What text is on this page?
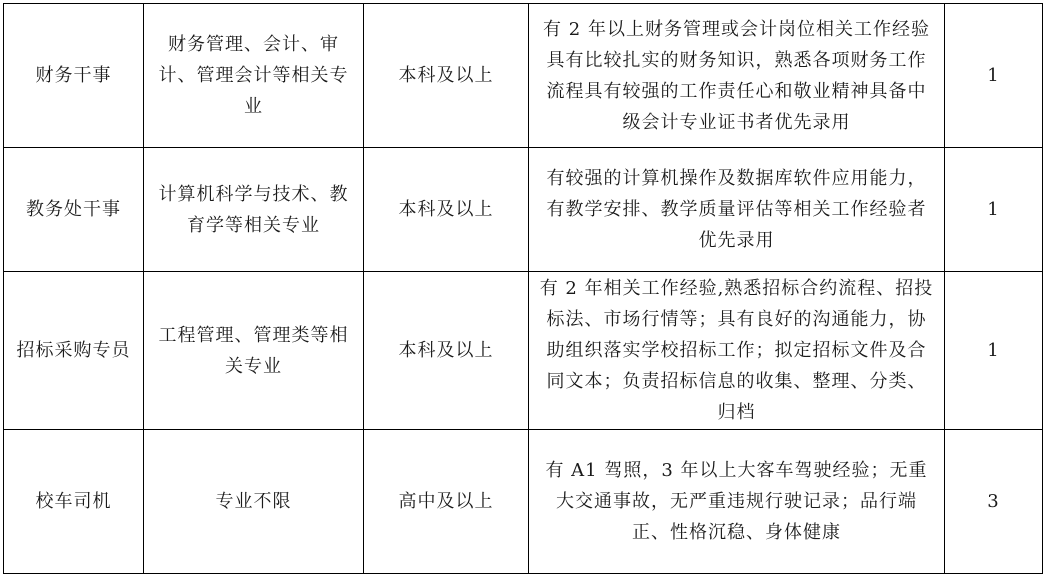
财务干事	财务管理、会计、审计、管理会计等相关专业	本科及以上	有 2 年以上财务管理或会计岗位相关工作经验具有比较扎实的财务知识，熟悉各项财务工作流程具有较强的工作责任心和敬业精神具备中级会计专业证书者优先录用	1
教务处干事	计算机科学与技术、教育学等相关专业	本科及以上	有较强的计算机操作及数据库软件应用能力，有教学安排、教学质量评估等相关工作经验者优先录用	1
招标采购专员	工程管理、管理类等相关专业	本科及以上	有 2 年相关工作经验,熟悉招标合约流程、招投标法、市场行情等；具有良好的沟通能力，协助组织落实学校招标工作；拟定招标文件及合同文本；负责招标信息的收集、整理、分类、归档	1
校车司机	专业不限	高中及以上	有 A1 驾照，3 年以上大客车驾驶经验；无重大交通事故，无严重违规行驶记录；品行端正、性格沉稳、身体健康	3
